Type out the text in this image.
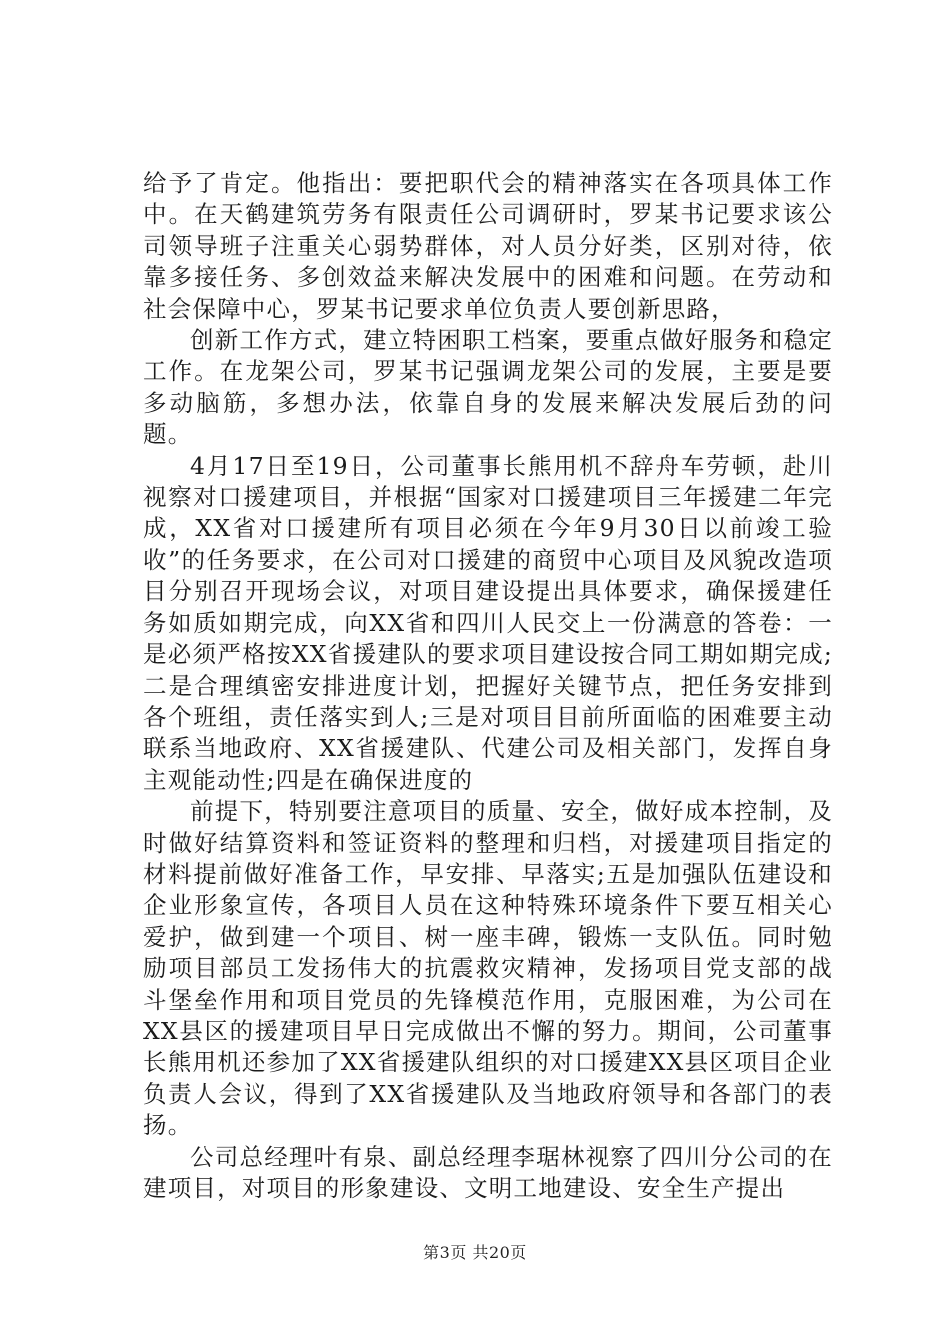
给予了肯定。他指出：要把职代会的精神落实在各项具体工作中。在天鹤建筑劳务有限责任公司调研时，罗某书记要求该公司领导班子注重关心弱势群体，对人员分好类，区别对待，依靠多接任务、多创效益来解决发展中的困难和问题。在劳动和社会保障中心，罗某书记要求单位负责人要创新思路，

创新工作方式，建立特困职工档案，要重点做好服务和稳定工作。在龙架公司，罗某书记强调龙架公司的发展，主要是要多动脑筋，多想办法，依靠自身的发展来解决发展后劲的问题。

4月17日至19日，公司董事长熊用机不辞舟车劳顿，赴川视察对口援建项目，并根据“国家对口援建项目三年援建二年完成，XX省对口援建所有项目必须在今年9月30日以前竣工验收”的任务要求，在公司对口援建的商贸中心项目及风貌改造项目分别召开现场会议，对项目建设提出具体要求，确保援建任务如质如期完成，向XX省和四川人民交上一份满意的答卷：一是必须严格按XX省援建队的要求项目建设按合同工期如期完成;二是合理缜密安排进度计划，把握好关键节点，把任务安排到各个班组，责任落实到人;三是对项目目前所面临的困难要主动联系当地政府、XX省援建队、代建公司及相关部门，发挥自身主观能动性;四是在确保进度的

前提下，特别要注意项目的质量、安全，做好成本控制，及时做好结算资料和签证资料的整理和归档，对援建项目指定的材料提前做好准备工作，早安排、早落实;五是加强队伍建设和企业形象宣传，各项目人员在这种特殊环境条件下要互相关心爱护，做到建一个项目、树一座丰碑，锻炼一支队伍。同时勉励项目部员工发扬伟大的抗震救灾精神，发扬项目党支部的战斗堡垒作用和项目党员的先锋模范作用，克服困难，为公司在XX县区的援建项目早日完成做出不懈的努力。期间，公司董事长熊用机还参加了XX省援建队组织的对口援建XX县区项目企业负责人会议，得到了XX省援建队及当地政府领导和各部门的表扬。

公司总经理叶有泉、副总经理李琚林视察了四川分公司的在建项目，对项目的形象建设、文明工地建设、安全生产提出

第3页 共20页
